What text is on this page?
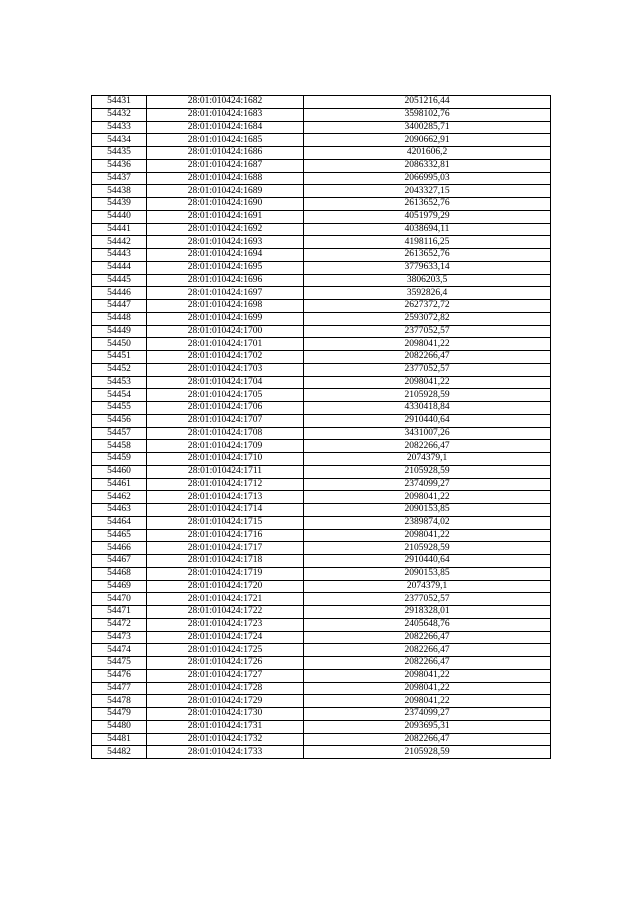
54431	28:01:010424:1682	2051216,44
54432	28:01:010424:1683	3598102,76
54433	28:01:010424:1684	3400285,71
54434	28:01:010424:1685	2090662,91
54435	28:01:010424:1686	4201606,2
54436	28:01:010424:1687	2086332,81
54437	28:01:010424:1688	2066995,03
54438	28:01:010424:1689	2043327,15
54439	28:01:010424:1690	2613652,76
54440	28:01:010424:1691	4051979,29
54441	28:01:010424:1692	4038694,11
54442	28:01:010424:1693	4198116,25
54443	28:01:010424:1694	2613652,76
54444	28:01:010424:1695	3779633,14
54445	28:01:010424:1696	3806203,5
54446	28:01:010424:1697	3592826,4
54447	28:01:010424:1698	2627372,72
54448	28:01:010424:1699	2593072,82
54449	28:01:010424:1700	2377052,57
54450	28:01:010424:1701	2098041,22
54451	28:01:010424:1702	2082266,47
54452	28:01:010424:1703	2377052,57
54453	28:01:010424:1704	2098041,22
54454	28:01:010424:1705	2105928,59
54455	28:01:010424:1706	4330418,84
54456	28:01:010424:1707	2910440,64
54457	28:01:010424:1708	3431007,26
54458	28:01:010424:1709	2082266,47
54459	28:01:010424:1710	2074379,1
54460	28:01:010424:1711	2105928,59
54461	28:01:010424:1712	2374099,27
54462	28:01:010424:1713	2098041,22
54463	28:01:010424:1714	2090153,85
54464	28:01:010424:1715	2389874,02
54465	28:01:010424:1716	2098041,22
54466	28:01:010424:1717	2105928,59
54467	28:01:010424:1718	2910440,64
54468	28:01:010424:1719	2090153,85
54469	28:01:010424:1720	2074379,1
54470	28:01:010424:1721	2377052,57
54471	28:01:010424:1722	2918328,01
54472	28:01:010424:1723	2405648,76
54473	28:01:010424:1724	2082266,47
54474	28:01:010424:1725	2082266,47
54475	28:01:010424:1726	2082266,47
54476	28:01:010424:1727	2098041,22
54477	28:01:010424:1728	2098041,22
54478	28:01:010424:1729	2098041,22
54479	28:01:010424:1730	2374099,27
54480	28:01:010424:1731	2093695,31
54481	28:01:010424:1732	2082266,47
54482	28:01:010424:1733	2105928,59
